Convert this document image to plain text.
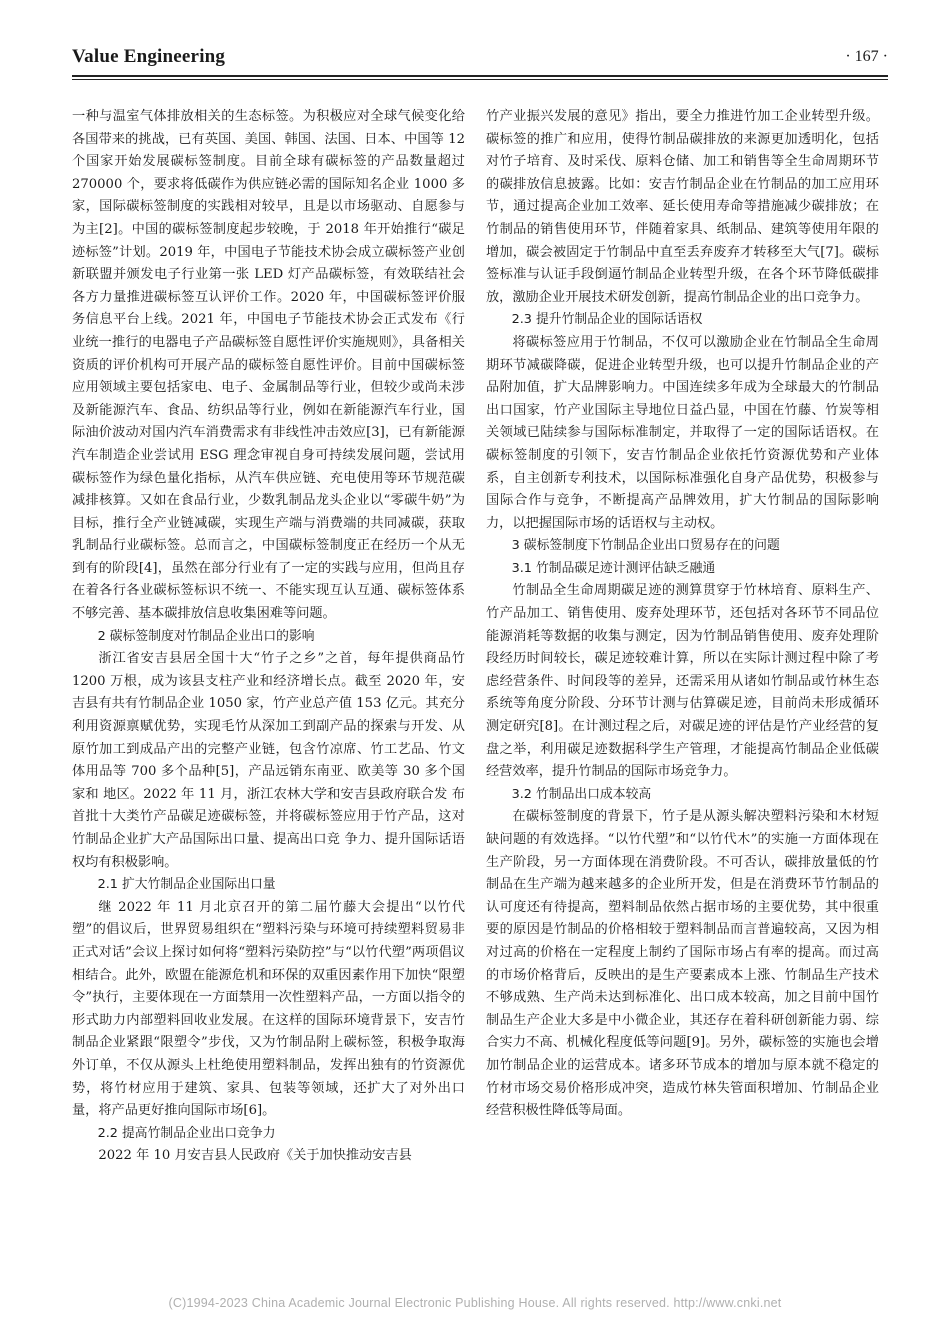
Value Engineering	· 167 ·

一种与温室气体排放相关的生态标签。为积极应对全球气候变化给各国带来的挑战，已有英国、美国、韩国、法国、日本、中国等 12 个国家开始发展碳标签制度。目前全球有碳标签的产品数量超过 270000 个，要求将低碳作为供应链必需的国际知名企业 1000 多家，国际碳标签制度的实践相对较早，且是以市场驱动、自愿参与为主[2]。中国的碳标签制度起步较晚，于 2018 年开始推行“碳足迹标签”计划。2019 年，中国电子节能技术协会成立碳标签产业创新联盟并颁发电子行业第一张 LED 灯产品碳标签，有效联结社会各方力量推进碳标签互认评价工作。2020 年，中国碳标签评价服务信息平台上线。2021 年，中国电子节能技术协会正式发布《行业统一推行的电器电子产品碳标签自愿性评价实施规则》，具备相关资质的评价机构可开展产品的碳标签自愿性评价。目前中国碳标签应用领域主要包括家电、电子、金属制品等行业，但较少或尚未涉及新能源汽车、食品、纺织品等行业，例如在新能源汽车行业，国际油价波动对国内汽车消费需求有非线性冲击效应[3]，已有新能源汽车制造企业尝试用 ESG 理念审视自身可持续发展问题，尝试用碳标签作为绿色量化指标，从汽车供应链、充电使用等环节规范碳减排核算。又如在食品行业，少数乳制品龙头企业以“零碳牛奶”为目标，推行全产业链减碳，实现生产端与消费端的共同减碳，获取乳制品行业碳标签。总而言之，中国碳标签制度正在经历一个从无到有的阶段[4]，虽然在部分行业有了一定的实践与应用，但尚且存在着各行各业碳标签标识不统一、不能实现互认互通、碳标签体系不够完善、基本碳排放信息收集困难等问题。

2 碳标签制度对竹制品企业出口的影响

浙江省安吉县居全国十大“竹子之乡”之首，每年提供商品竹 1200 万根，成为该县支柱产业和经济增长点。截至 2020 年，安吉县有共有竹制品企业 1050 家，竹产业总产值 153 亿元。其充分利用资源禀赋优势，实现毛竹从深加工到副产品的探索与开发、从原竹加工到成品产出的完整产业链，包含竹凉席、竹工艺品、竹文体用品等 700 多个品种[5]，产品远销东南亚、欧美等 30 多个国家和 地区。2022 年 11 月，浙江农林大学和安吉县政府联合发 布首批十大类竹产品碳足迹碳标签，并将碳标签应用于竹产品，这对竹制品企业扩大产品国际出口量、提高出口竞 争力、提升国际话语权均有积极影响。

2.1 扩大竹制品企业国际出口量

继 2022 年 11 月北京召开的第二届竹藤大会提出“以竹代塑”的倡议后，世界贸易组织在“塑料污染与环境可持续塑料贸易非正式对话”会议上探讨如何将“塑料污染防控”与“以竹代塑”两项倡议相结合。此外，欧盟在能源危机和环保的双重因素作用下加快“限塑令”执行，主要体现在一方面禁用一次性塑料产品，一方面以指令的形式助力内部塑料回收业发展。在这样的国际环境背景下，安吉竹制品企业紧跟“限塑令”步伐，又为竹制品附上碳标签，积极争取海外订单，不仅从源头上杜绝使用塑料制品，发挥出独有的竹资源优势，将竹材应用于建筑、家具、包装等领域，还扩大了对外出口量，将产品更好推向国际市场[6]。

2.2 提高竹制品企业出口竞争力

2022 年 10 月安吉县人民政府《关于加快推动安吉县

竹产业振兴发展的意见》指出，要全力推进竹加工企业转型升级。碳标签的推广和应用，使得竹制品碳排放的来源更加透明化，包括对竹子培育、及时采伐、原料仓储、加工和销售等全生命周期环节的碳排放信息披露。比如：安吉竹制品企业在竹制品的加工应用环节，通过提高企业加工效率、延长使用寿命等措施减少碳排放；在竹制品的销售使用环节，伴随着家具、纸制品、建筑等使用年限的增加，碳会被固定于竹制品中直至丢弃废弃才转移至大气[7]。碳标签标准与认证手段倒逼竹制品企业转型升级，在各个环节降低碳排放，激励企业开展技术研发创新，提高竹制品企业的出口竞争力。

2.3 提升竹制品企业的国际话语权

将碳标签应用于竹制品，不仅可以激励企业在竹制品全生命周期环节减碳降碳，促进企业转型升级，也可以提升竹制品企业的产品附加值，扩大品牌影响力。中国连续多年成为全球最大的竹制品出口国家，竹产业国际主导地位日益凸显，中国在竹藤、竹炭等相关领域已陆续参与国际标准制定，并取得了一定的国际话语权。在碳标签制度的引领下，安吉竹制品企业依托竹资源优势和产业体系，自主创新专利技术，以国际标准强化自身产品优势，积极参与国际合作与竞争，不断提高产品牌效用，扩大竹制品的国际影响力，以把握国际市场的话语权与主动权。

3 碳标签制度下竹制品企业出口贸易存在的问题
3.1 竹制品碳足迹计测评估缺乏融通

竹制品全生命周期碳足迹的测算贯穿于竹林培育、原料生产、竹产品加工、销售使用、废弃处理环节，还包括对各环节不同品位能源消耗等数据的收集与测定，因为竹制品销售使用、废弃处理阶段经历时间较长，碳足迹较难计算，所以在实际计测过程中除了考虑经营条件、时间段等的差异，还需采用从诸如竹制品或竹林生态系统等角度分阶段、分环节计测与估算碳足迹，目前尚未形成循环测定研究[8]。在计测过程之后，对碳足迹的评估是竹产业经营的复盘之举，利用碳足迹数据科学生产管理，才能提高竹制品企业低碳经营效率，提升竹制品的国际市场竞争力。

3.2 竹制品出口成本较高

在碳标签制度的背景下，竹子是从源头解决塑料污染和木材短缺问题的有效选择。“以竹代塑”和“以竹代木”的实施一方面体现在生产阶段，另一方面体现在消费阶段。不可否认，碳排放量低的竹制品在生产端为越来越多的企业所开发，但是在消费环节竹制品的认可度还有待提高，塑料制品依然占据市场的主要优势，其中很重要的原因是竹制品的价格相较于塑料制品而言普遍较高，又因为相对过高的价格在一定程度上制约了国际市场占有率的提高。而过高的市场价格背后，反映出的是生产要素成本上涨、竹制品生产技术不够成熟、生产尚未达到标准化、出口成本较高，加之目前中国竹制品生产企业大多是中小微企业，其还存在着科研创新能力弱、综合实力不高、机械化程度低等问题[9]。另外，碳标签的实施也会增加竹制品企业的运营成本。诸多环节成本的增加与原本就不稳定的竹材市场交易价格形成冲突，造成竹林失管面积增加、竹制品企业经营积极性降低等局面。

(C)1994-2023 China Academic Journal Electronic Publishing House. All rights reserved. http://www.cnki.net
